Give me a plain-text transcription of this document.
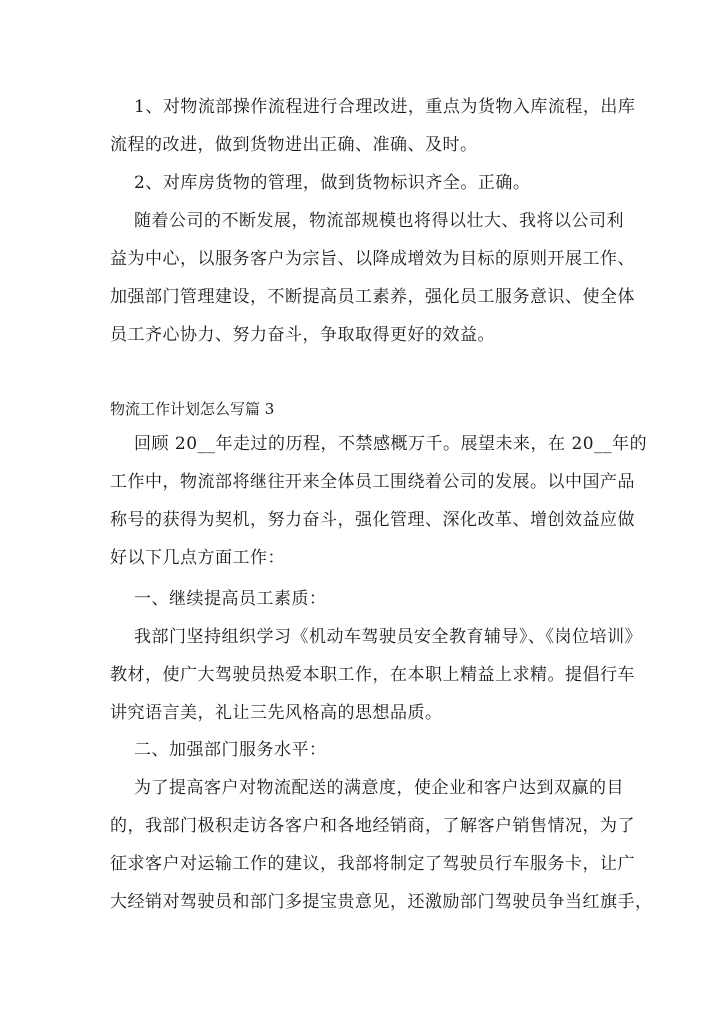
1、对物流部操作流程进行合理改进，重点为货物入库流程，出库
流程的改进，做到货物进出正确、准确、及时。
2、对库房货物的管理，做到货物标识齐全。正确。
随着公司的不断发展，物流部规模也将得以壮大、我将以公司利
益为中心，以服务客户为宗旨、以降成增效为目标的原则开展工作、
加强部门管理建设，不断提高员工素养，强化员工服务意识、使全体
员工齐心协力、努力奋斗，争取取得更好的效益。
物流工作计划怎么写篇 3
回顾 20__年走过的历程，不禁感概万千。展望未来，在 20__年的
工作中，物流部将继往开来全体员工围绕着公司的发展。以中国产品
称号的获得为契机，努力奋斗，强化管理、深化改革、增创效益应做
好以下几点方面工作：
一、继续提高员工素质：
我部门坚持组织学习《机动车驾驶员安全教育辅导》、《岗位培训》
教材，使广大驾驶员热爱本职工作，在本职上精益上求精。提倡行车
讲究语言美，礼让三先风格高的思想品质。
二、加强部门服务水平：
为了提高客户对物流配送的满意度，使企业和客户达到双赢的目
的，我部门极积走访各客户和各地经销商，了解客户销售情况，为了
征求客户对运输工作的建议，我部将制定了驾驶员行车服务卡，让广
大经销对驾驶员和部门多提宝贵意见，还激励部门驾驶员争当红旗手，
